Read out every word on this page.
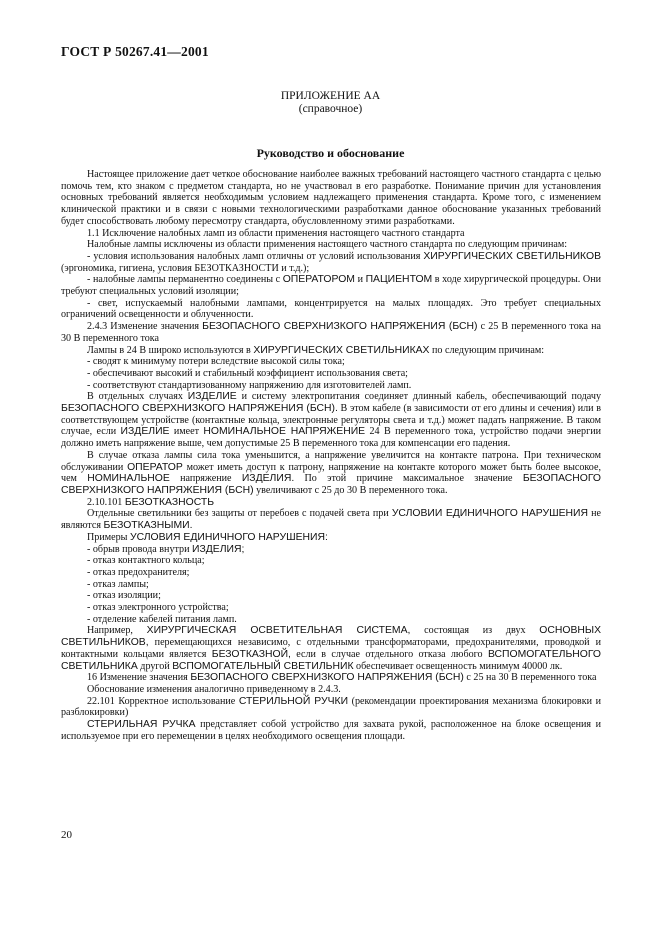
ГОСТ Р 50267.41—2001
ПРИЛОЖЕНИЕ АА
(справочное)
Руководство и обоснование

Настоящее приложение дает четкое обоснование наиболее важных требований настоящего частного стандарта с целью помочь тем, кто знаком с предметом стандарта, но не участвовал в его разработке. Понимание причин для установления основных требований является необходимым условием надлежащего применения стандарта. Кроме того, с изменением клинической практики и в связи с новыми технологическими разработками данное обоснование указанных требований будет способствовать любому пересмотру стандарта, обусловленному этими разработками.

1.1 Исключение налобных ламп из области применения настоящего частного стандарта

Налобные лампы исключены из области применения настоящего частного стандарта по следующим причинам:

- условия использования налобных ламп отличны от условий использования ХИРУРГИЧЕСКИХ СВЕТИЛЬНИКОВ (эргономика, гигиена, условия БЕЗОТКАЗНОСТИ и т.д.);

- налобные лампы перманентно соединены с ОПЕРАТОРОМ и ПАЦИЕНТОМ в ходе хирургической процедуры. Они требуют специальных условий изоляции;

- свет, испускаемый налобными лампами, концентрируется на малых площадях. Это требует специальных ограничений освещенности и облученности.

2.4.3 Изменение значения БЕЗОПАСНОГО СВЕРХНИЗКОГО НАПРЯЖЕНИЯ (БСН) с 25 В переменного тока на 30 В переменного тока

Лампы в 24 В широко используются в ХИРУРГИЧЕСКИХ СВЕТИЛЬНИКАХ по следующим причинам:

- сводят к минимуму потери вследствие высокой силы тока;

- обеспечивают высокий и стабильный коэффициент использования света;

- соответствуют стандартизованному напряжению для изготовителей ламп.

В отдельных случаях ИЗДЕЛИЕ и систему электропитания соединяет длинный кабель, обеспечивающий подачу БЕЗОПАСНОГО СВЕРХНИЗКОГО НАПРЯЖЕНИЯ (БСН). В этом кабеле (в зависимости от его длины и сечения) или в соответствующем устройстве (контактные кольца, электронные регуляторы света и т.д.) может падать напряжение. В таком случае, если ИЗДЕЛИЕ имеет НОМИНАЛЬНОЕ НАПРЯЖЕНИЕ 24 В переменного тока, устройство подачи энергии должно иметь напряжение выше, чем допустимые 25 В переменного тока для компенсации его падения.

В случае отказа лампы сила тока уменьшится, а напряжение увеличится на контакте патрона. При техническом обслуживании ОПЕРАТОР может иметь доступ к патрону, напряжение на контакте которого может быть более высокое, чем НОМИНАЛЬНОЕ напряжение ИЗДЕЛИЯ. По этой причине максимальное значение БЕЗОПАСНОГО СВЕРХНИЗКОГО НАПРЯЖЕНИЯ (БСН) увеличивают с 25 до 30 В переменного тока.

2.10.101 БЕЗОТКАЗНОСТЬ

Отдельные светильники без защиты от перебоев с подачей света при УСЛОВИИ ЕДИНИЧНОГО НАРУШЕНИЯ не являются БЕЗОТКАЗНЫМИ.

Примеры УСЛОВИЯ ЕДИНИЧНОГО НАРУШЕНИЯ:

- обрыв провода внутри ИЗДЕЛИЯ;

- отказ контактного кольца;

- отказ предохранителя;

- отказ лампы;

- отказ изоляции;

- отказ электронного устройства;

- отделение кабелей питания ламп.

Например, ХИРУРГИЧЕСКАЯ ОСВЕТИТЕЛЬНАЯ СИСТЕМА, состоящая из двух ОСНОВНЫХ СВЕТИЛЬНИКОВ, перемещающихся независимо, с отдельными трансформаторами, предохранителями, проводкой и контактными кольцами является БЕЗОТКАЗНОЙ, если в случае отдельного отказа любого ВСПОМОГАТЕЛЬНОГО СВЕТИЛЬНИКА другой ВСПОМОГАТЕЛЬНЫЙ СВЕТИЛЬНИК обеспечивает освещенность минимум 40000 лк.

16 Изменение значения БЕЗОПАСНОГО СВЕРХНИЗКОГО НАПРЯЖЕНИЯ (БСН) с 25 на 30 В переменного тока

Обоснование изменения аналогично приведенному в 2.4.3.

22.101 Корректное использование СТЕРИЛЬНОЙ РУЧКИ (рекомендации проектирования механизма блокировки и разблокировки)

СТЕРИЛЬНАЯ РУЧКА представляет собой устройство для захвата рукой, расположенное на блоке освещения и используемое при его перемещении в целях необходимого освещения площади.

20
